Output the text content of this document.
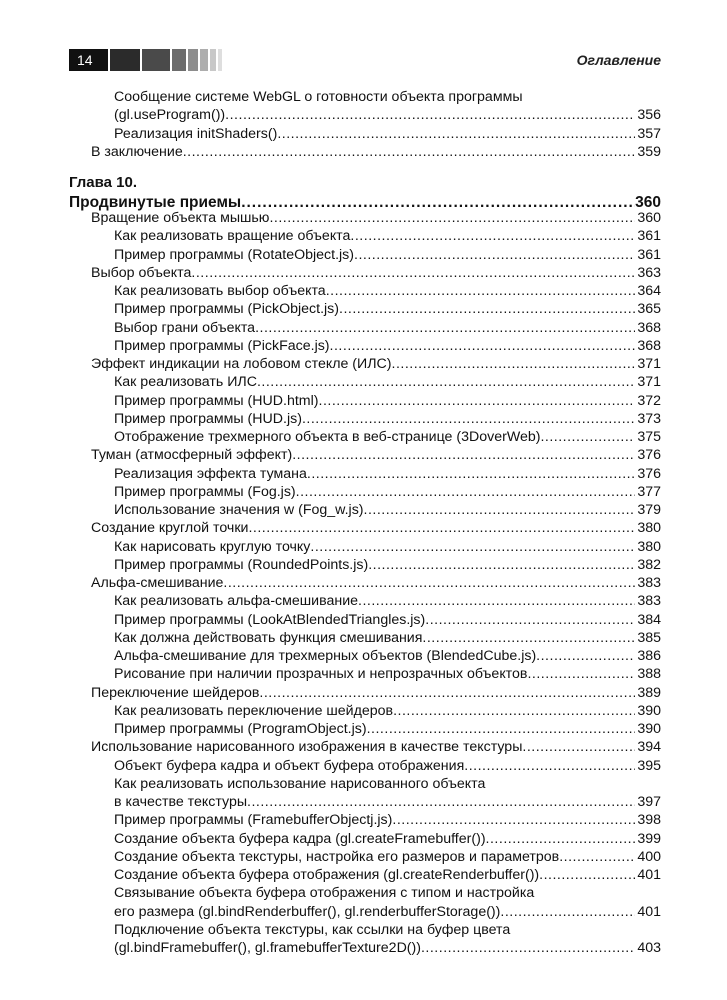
14	Оглавление
Глава 10.
Продвинутые приемы .....	360
Сообщение системе WebGL о готовности объекта программы
(gl.useProgram()) .....	356
Реализация initShaders() .....	357
В заключение .....	359
Вращение объекта мышью .....	360
Как реализовать вращение объекта .....	361
Пример программы (RotateObject.js) .....	361
Выбор объекта .....	363
Как реализовать выбор объекта .....	364
Пример программы (PickObject.js) .....	365
Выбор грани объекта .....	368
Пример программы (PickFace.js) .....	368
Эффект индикации на лобовом стекле (ИЛС) .....	371
Как реализовать ИЛС .....	371
Пример программы (HUD.html) .....	372
Пример программы (HUD.js) .....	373
Отображение трехмерного объекта в веб-странице (3DoverWeb) .....	375
Туман (атмосферный эффект) .....	376
Реализация эффекта тумана .....	376
Пример программы (Fog.js) .....	377
Использование значения w (Fog_w.js) .....	379
Создание круглой точки .....	380
Как нарисовать круглую точку .....	380
Пример программы (RoundedPoints.js) .....	382
Альфа-смешивание .....	383
Как реализовать альфа-смешивание .....	383
Пример программы (LookAtBlendedTriangles.js) .....	384
Как должна действовать функция смешивания .....	385
Альфа-смешивание для трехмерных объектов (BlendedCube.js) .....	386
Рисование при наличии прозрачных и непрозрачных объектов .....	388
Переключение шейдеров .....	389
Как реализовать переключение шейдеров .....	390
Пример программы (ProgramObject.js) .....	390
Использование нарисованного изображения в качестве текстуры .....	394
Объект буфера кадра и объект буфера отображения .....	395
Как реализовать использование нарисованного объекта
в качестве текстуры .....	397
Пример программы (FramebufferObjectj.js) .....	398
Создание объекта буфера кадра (gl.createFramebuffer()) .....	399
Создание объекта текстуры, настройка его размеров и параметров .....	400
Создание объекта буфера отображения (gl.createRenderbuffer()) .....	401
Связывание объекта буфера отображения с типом и настройка
его размера (gl.bindRenderbuffer(), gl.renderbufferStorage()) .....	401
Подключение объекта текстуры, как ссылки на буфер цвета
(gl.bindFramebuffer(), gl.framebufferTexture2D()) .....	403
